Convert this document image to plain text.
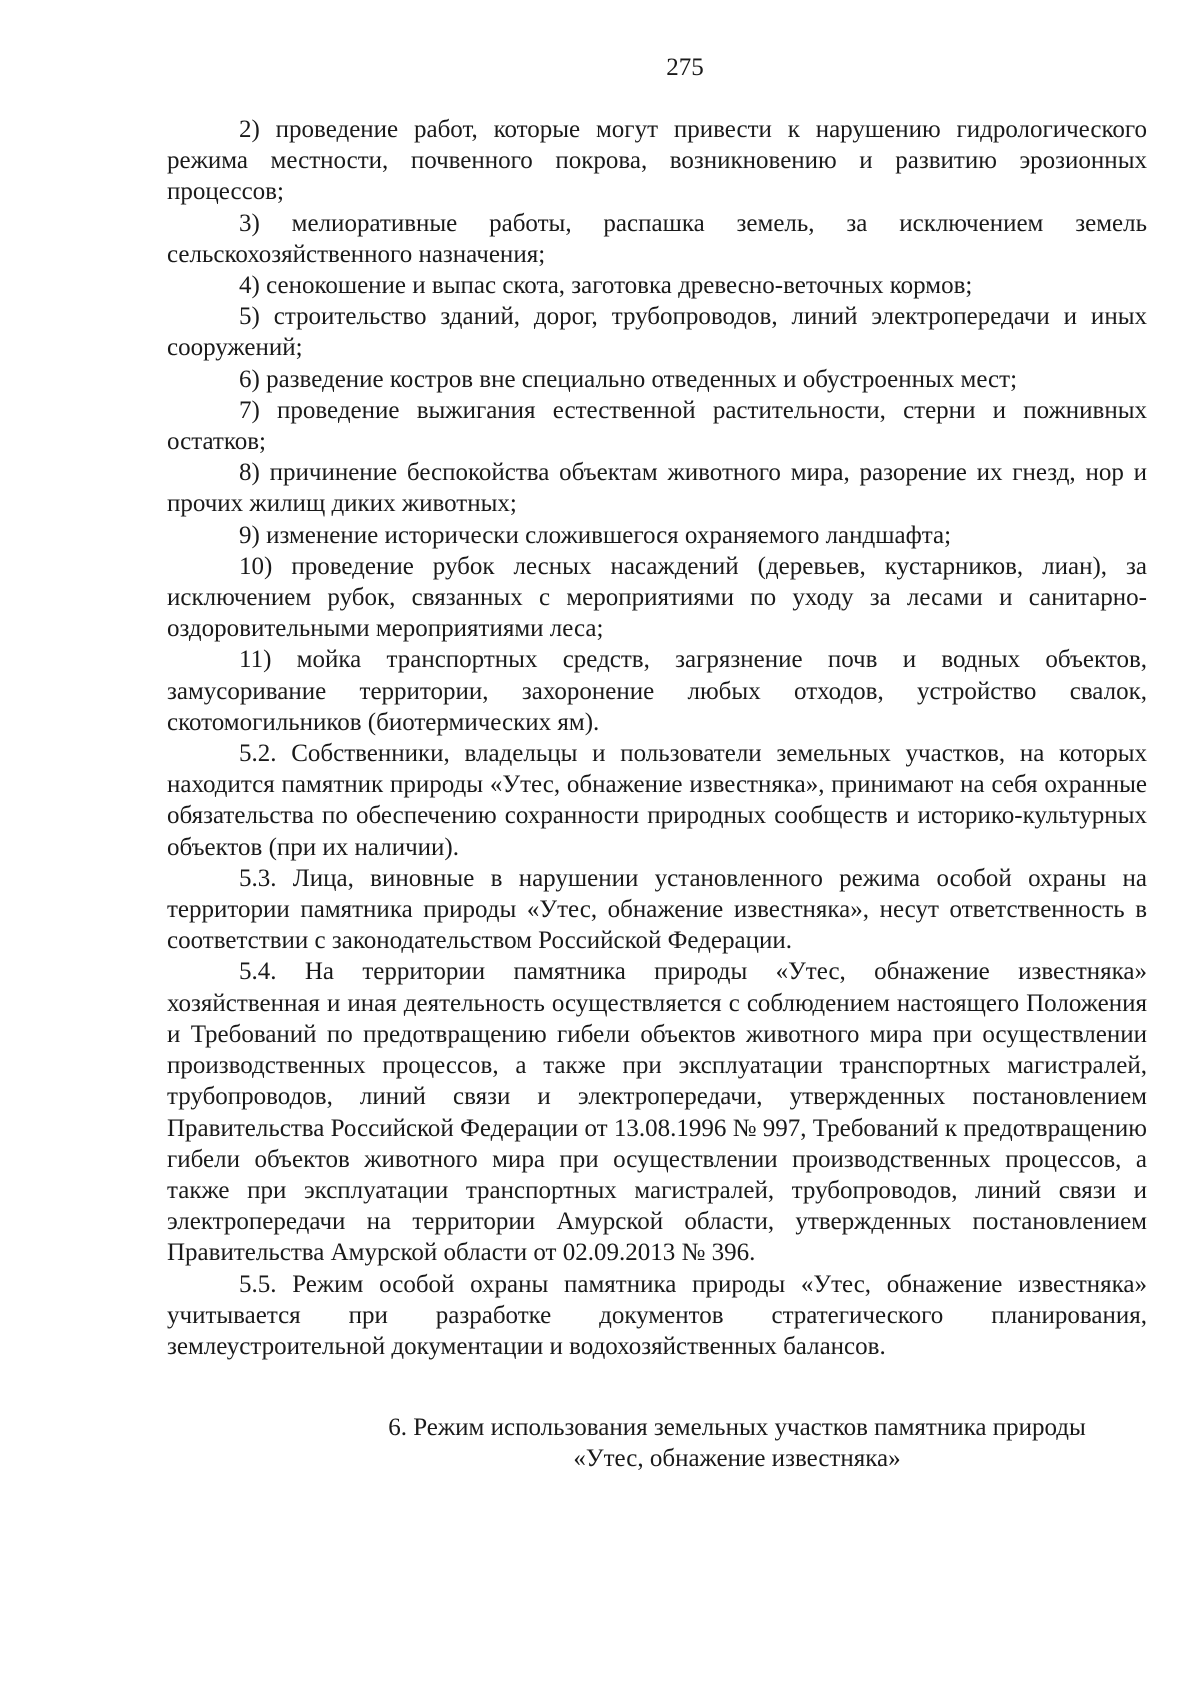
275

2) проведение работ, которые могут привести к нарушению гидрологического режима местности, почвенного покрова, возникновению и развитию эрозионных процессов;

3) мелиоративные работы, распашка земель, за исключением земель сельскохозяйственного назначения;

4) сенокошение и выпас скота, заготовка древесно-веточных кормов;

5) строительство зданий, дорог, трубопроводов, линий электропередачи и иных сооружений;

6) разведение костров вне специально отведенных и обустроенных мест;

7) проведение выжигания естественной растительности, стерни и пожнивных остатков;

8) причинение беспокойства объектам животного мира, разорение их гнезд, нор и прочих жилищ диких животных;

9) изменение исторически сложившегося охраняемого ландшафта;

10) проведение рубок лесных насаждений (деревьев, кустарников, лиан), за исключением рубок, связанных с мероприятиями по уходу за лесами и санитарно-оздоровительными мероприятиями леса;

11) мойка транспортных средств, загрязнение почв и водных объектов, замусоривание территории, захоронение любых отходов, устройство свалок, скотомогильников (биотермических ям).

5.2. Собственники, владельцы и пользователи земельных участков, на которых находится памятник природы «Утес, обнажение известняка», принимают на себя охранные обязательства по обеспечению сохранности природных сообществ и историко-культурных объектов (при их наличии).

5.3. Лица, виновные в нарушении установленного режима особой охраны на территории памятника природы «Утес, обнажение известняка», несут ответственность в соответствии с законодательством Российской Федерации.

5.4. На территории памятника природы «Утес, обнажение известняка» хозяйственная и иная деятельность осуществляется с соблюдением настоящего Положения и Требований по предотвращению гибели объектов животного мира при осуществлении производственных процессов, а также при эксплуатации транспортных магистралей, трубопроводов, линий связи и электропередачи, утвержденных постановлением Правительства Российской Федерации от 13.08.1996 № 997, Требований к предотвращению гибели объектов животного мира при осуществлении производственных процессов, а также при эксплуатации транспортных магистралей, трубопроводов, линий связи и электропередачи на территории Амурской области, утвержденных постановлением Правительства Амурской области от 02.09.2013 № 396.

5.5. Режим особой охраны памятника природы «Утес, обнажение известняка» учитывается при разработке документов стратегического планирования, землеустроительной документации и водохозяйственных балансов.

6. Режим использования земельных участков памятника природы
«Утес, обнажение известняка»
